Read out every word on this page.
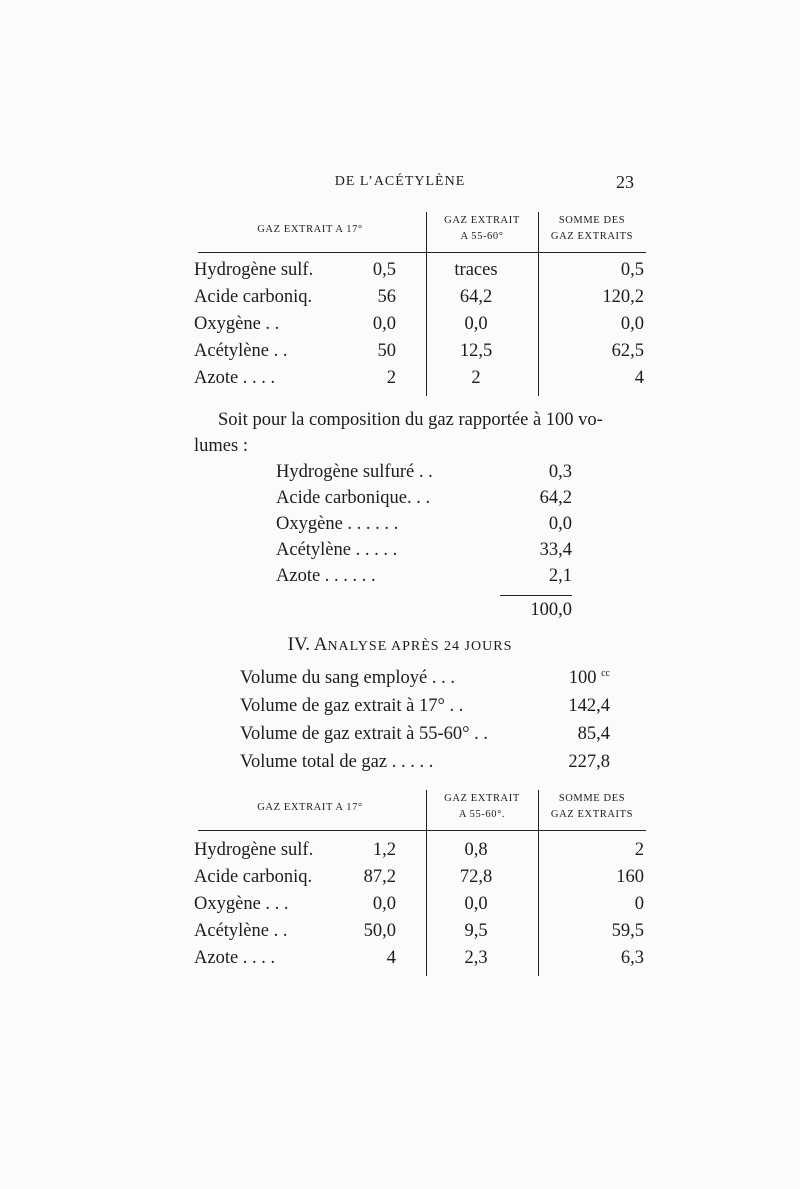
DE L’ACÉTYLÈNE	23
GAZ EXTRAIT A 17°
GAZ EXTRAIT
A 55-60°
SOMME DES
GAZ EXTRAITS
Hydrogène sulf.	0,5	traces	0,5
Acide carboniq.	56	64,2	120,2
Oxygène . .	0,0	0,0	0,0
Acétylène . .	50	12,5	62,5
Azote . . . .	2	2	4
Soit pour la composition du gaz rapportée à 100 vo-
lumes :
Hydrogène sulfuré . .	0,3
Acide carbonique. . .	64,2
Oxygène . . . . . .	0,0
Acétylène . . . . .	33,4
Azote . . . . . .	2,1
100,0
IV. ANALYSE APRÈS 24 JOURS
Volume du sang employé . . .	100 $^{cc}$
Volume de gaz extrait à 17° . .	142,4
Volume de gaz extrait à 55-60° . .	85,4
Volume total de gaz . . . . .	227,8
GAZ EXTRAIT A 17°
GAZ EXTRAIT
A 55-60°.
SOMME DES
GAZ EXTRAITS
Hydrogène sulf.	1,2	0,8	2
Acide carboniq.	87,2	72,8	160
Oxygène . . .	0,0	0,0	0
Acétylène . .	50,0	9,5	59,5
Azote . . . .	4	2,3	6,3
